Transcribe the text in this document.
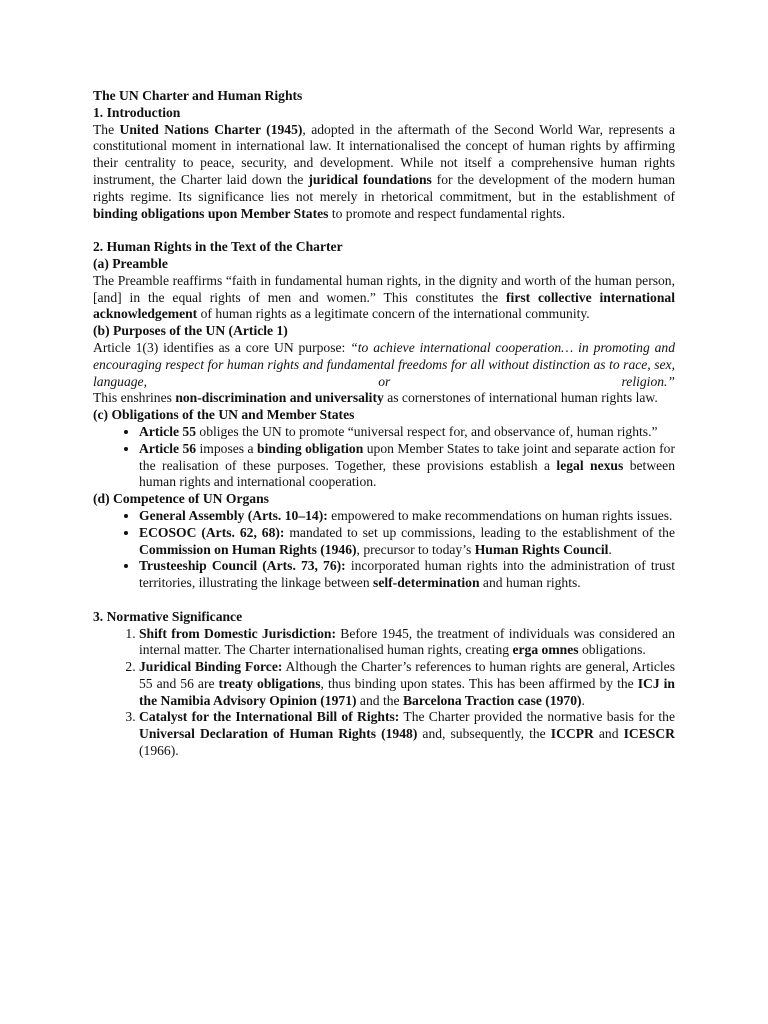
The UN Charter and Human Rights

1. Introduction

The United Nations Charter (1945), adopted in the aftermath of the Second World War, represents a constitutional moment in international law. It internationalised the concept of human rights by affirming their centrality to peace, security, and development. While not itself a comprehensive human rights instrument, the Charter laid down the juridical foundations for the development of the modern human rights regime. Its significance lies not merely in rhetorical commitment, but in the establishment of binding obligations upon Member States to promote and respect fundamental rights.

2. Human Rights in the Text of the Charter

(a) Preamble

The Preamble reaffirms “faith in fundamental human rights, in the dignity and worth of the human person, [and] in the equal rights of men and women.” This constitutes the first collective international acknowledgement of human rights as a legitimate concern of the international community.

(b) Purposes of the UN (Article 1)

Article 1(3) identifies as a core UN purpose: “to achieve international cooperation… in promoting and encouraging respect for human rights and fundamental freedoms for all without distinction as to race, sex, language, or religion.”

This enshrines non-discrimination and universality as cornerstones of international human rights law.

(c) Obligations of the UN and Member States

• Article 55 obliges the UN to promote “universal respect for, and observance of, human rights.”
• Article 56 imposes a binding obligation upon Member States to take joint and separate action for the realisation of these purposes. Together, these provisions establish a legal nexus between human rights and international cooperation.

(d) Competence of UN Organs

• General Assembly (Arts. 10–14): empowered to make recommendations on human rights issues.
• ECOSOC (Arts. 62, 68): mandated to set up commissions, leading to the establishment of the Commission on Human Rights (1946), precursor to today’s Human Rights Council.
• Trusteeship Council (Arts. 73, 76): incorporated human rights into the administration of trust territories, illustrating the linkage between self-determination and human rights.

3. Normative Significance

1. Shift from Domestic Jurisdiction: Before 1945, the treatment of individuals was considered an internal matter. The Charter internationalised human rights, creating erga omnes obligations.
2. Juridical Binding Force: Although the Charter’s references to human rights are general, Articles 55 and 56 are treaty obligations, thus binding upon states. This has been affirmed by the ICJ in the Namibia Advisory Opinion (1971) and the Barcelona Traction case (1970).
3. Catalyst for the International Bill of Rights: The Charter provided the normative basis for the Universal Declaration of Human Rights (1948) and, subsequently, the ICCPR and ICESCR (1966).
